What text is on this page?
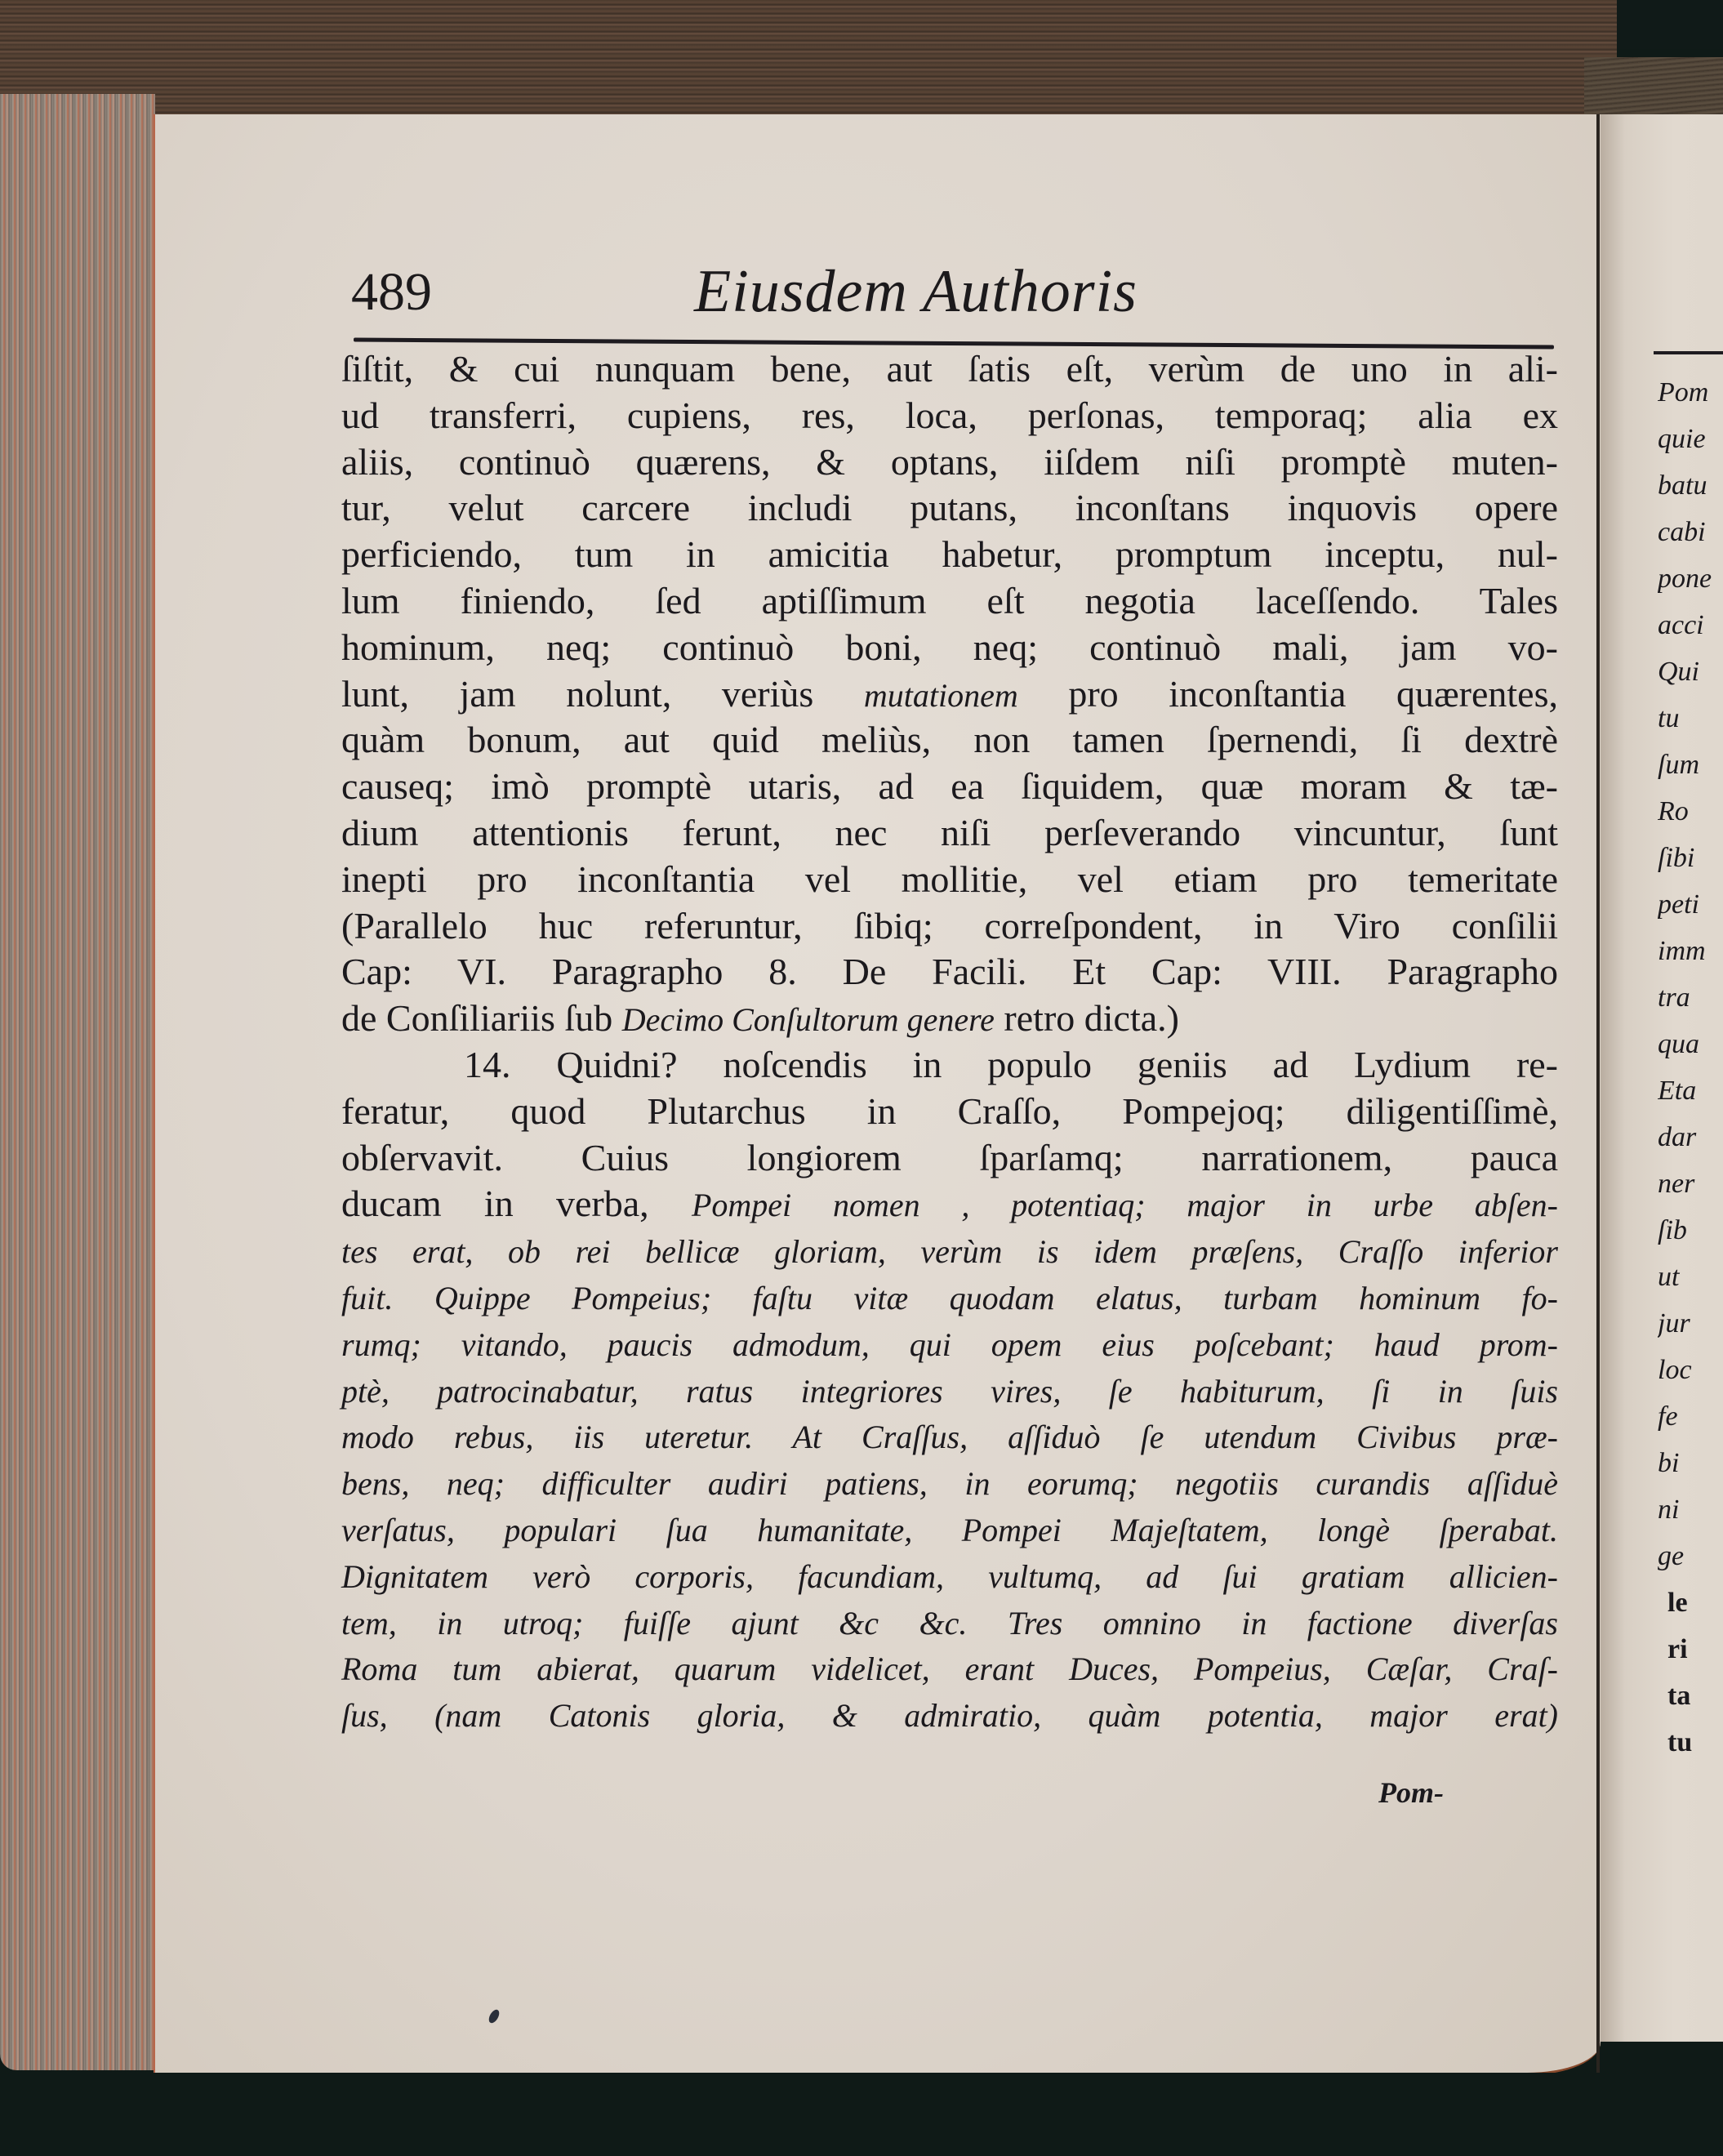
489	Eiusdem Authoris
ſiſtit, & cui nunquam bene, aut ſatis eſt, verùm de uno in ali-
ud transferri, cupiens, res, loca, perſonas, temporaq; alia ex
aliis, continuò quærens, & optans, iiſdem niſi promptè muten-
tur, velut carcere includi putans, inconſtans inquovis opere
perficiendo, tum in amicitia habetur, promptum inceptu, nul-
lum finiendo, ſed aptiſſimum eſt negotia laceſſendo. Tales
hominum, neq; continuò boni, neq; continuò mali, jam vo-
lunt, jam nolunt, veriùs mutationem pro inconſtantia quærentes,
quàm bonum, aut quid meliùs, non tamen ſpernendi, ſi dextrè
causeq; imò promptè utaris, ad ea ſiquidem, quæ moram & tæ-
dium attentionis ferunt, nec niſi perſeverando vincuntur, ſunt
inepti pro inconſtantia vel mollitie, vel etiam pro temeritate
(Parallelo huc referuntur, ſibiq; correſpondent, in Viro conſilii
Cap: VI. Paragrapho 8. De Facili. Et Cap: VIII. Paragrapho
de Conſiliariis ſub Decimo Conſultorum genere retro dicta.)
14. Quidni? noſcendis in populo geniis ad Lydium re-
feratur, quod Plutarchus in Craſſo, Pompejoq; diligentiſſimè,
obſervavit. Cuius longiorem ſparſamq; narrationem, pauca
ducam in verba, Pompei nomen , potentiaq; major in urbe abſen-
tes erat, ob rei bellicæ gloriam, verùm is idem præſens, Craſſo inferior
fuit. Quippe Pompeius; faſtu vitæ quodam elatus, turbam hominum fo-
rumq; vitando, paucis admodum, qui opem eius poſcebant; haud prom-
ptè, patrocinabatur, ratus integriores vires, ſe habiturum, ſi in ſuis
modo rebus, iis uteretur. At Craſſus, aſſiduò ſe utendum Civibus præ-
bens, neq; difficulter audiri patiens, in eorumq; negotiis curandis aſſiduè
verſatus, populari ſua humanitate, Pompei Majeſtatem, longè ſperabat.
Dignitatem verò corporis, facundiam, vultumq, ad ſui gratiam allicien-
tem, in utroq; fuiſſe ajunt &c &c. Tres omnino in factione diverſas
Roma tum abierat, quarum videlicet, erant Duces, Pompeius, Cæſar, Craſ-
ſus, (nam Catonis gloria, & admiratio, quàm potentia, major erat)
Pom-
Pom
quie
batu
cabi
pone
acci
Qui
tu
ſum
Ro
ſibi
peti
imm
tra
qua
Eta
dar
ner
ſib
ut
jur
loc
fe
bi
ni
ge
le
ri
ta
tu
